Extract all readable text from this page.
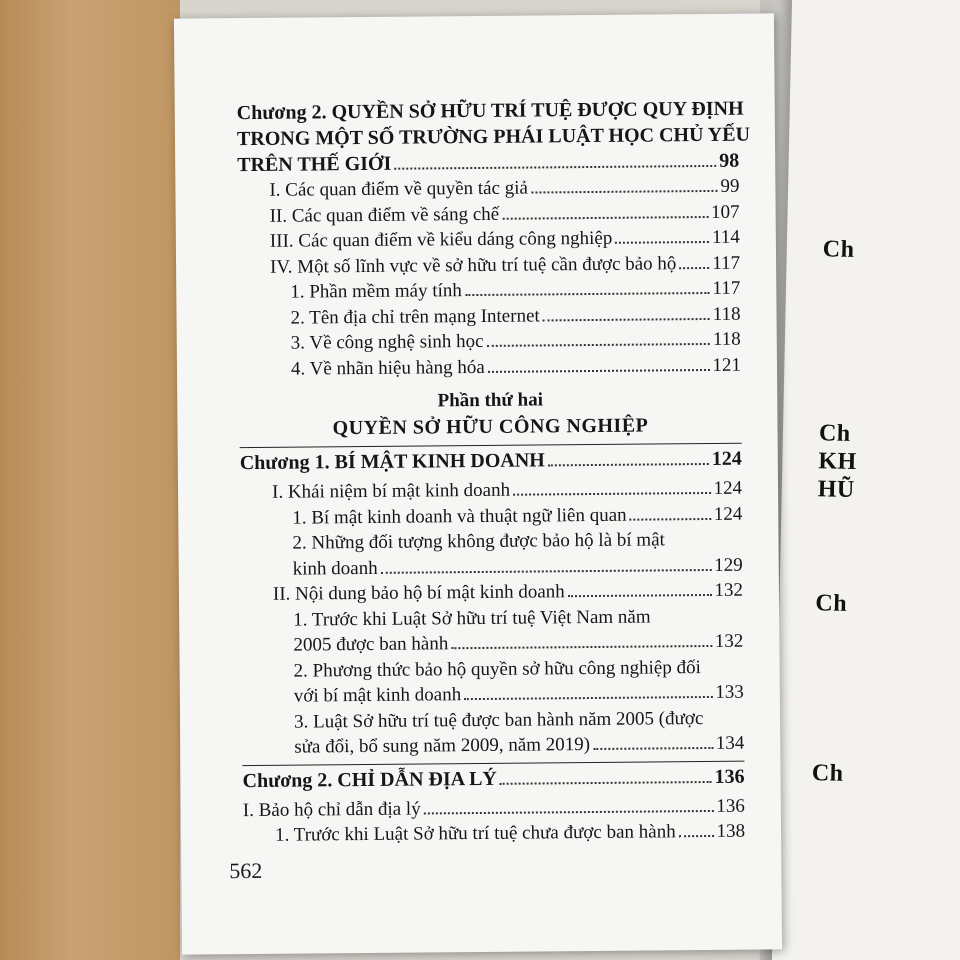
Ch
Ch
KH
HŨ
Ch
Ch
Chương 2. QUYỀN SỞ HỮU TRÍ TUỆ ĐƯỢC QUY ĐỊNH
TRONG MỘT SỐ TRƯỜNG PHÁI LUẬT HỌC CHỦ YẾU
TRÊN THẾ GIỚI	98
I. Các quan điểm về quyền tác giả	99
II. Các quan điểm về sáng chế	107
III. Các quan điểm về kiểu dáng công nghiệp	114
IV. Một số lĩnh vực về sở hữu trí tuệ cần được bảo hộ 117
1. Phần mềm máy tính	117
2. Tên địa chỉ trên mạng Internet	118
3. Về công nghệ sinh học	118
4. Về nhãn hiệu hàng hóa	121
Phần thứ hai
QUYỀN SỞ HỮU CÔNG NGHIỆP
Chương 1. BÍ MẬT KINH DOANH	124
I. Khái niệm bí mật kinh doanh	124
1. Bí mật kinh doanh và thuật ngữ liên quan	124
2. Những đối tượng không được bảo hộ là bí mật
kinh doanh	129
II. Nội dung bảo hộ bí mật kinh doanh	132
1. Trước khi Luật Sở hữu trí tuệ Việt Nam năm
2005 được ban hành	132
2. Phương thức bảo hộ quyền sở hữu công nghiệp đối
với bí mật kinh doanh	133
3. Luật Sở hữu trí tuệ được ban hành năm 2005 (được
sửa đổi, bổ sung năm 2009, năm 2019)	134
Chương 2. CHỈ DẪN ĐỊA LÝ	136
I. Bảo hộ chỉ dẫn địa lý	136
1. Trước khi Luật Sở hữu trí tuệ chưa được ban hành 138
562
